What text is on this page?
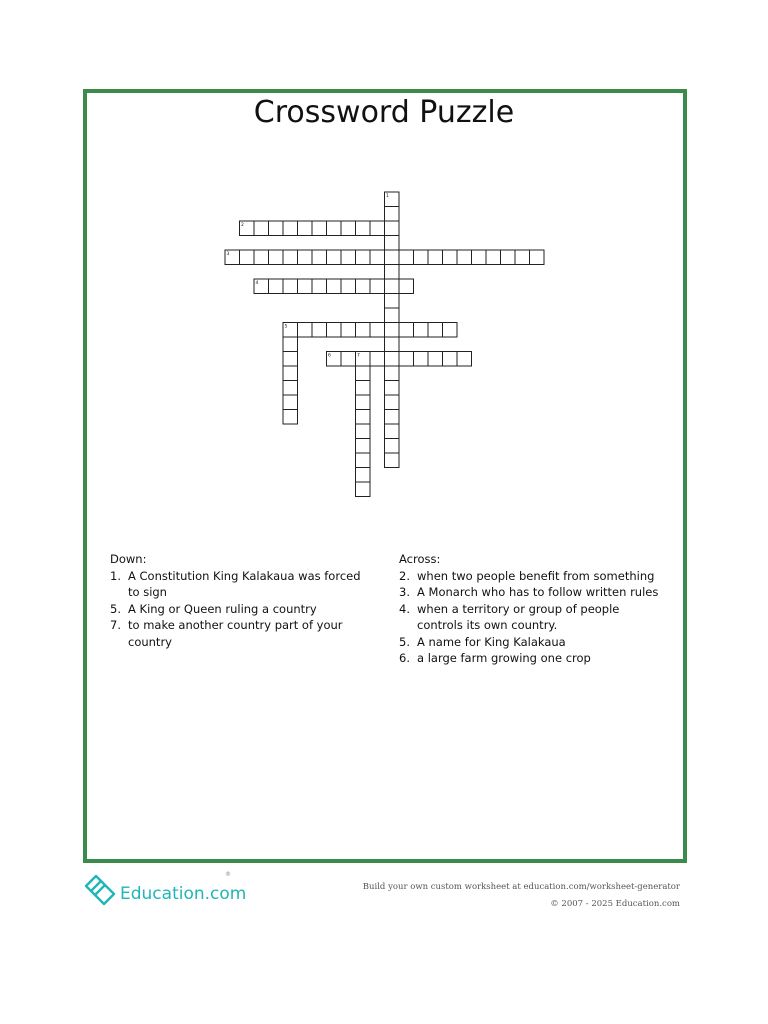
Crossword Puzzle
1
2
3
4
5
6	7
Down:
1. A Constitution King Kalakaua was forced to sign
5. A King or Queen ruling a country
7. to make another country part of your country
Across:
2. when two people benefit from something
3. A Monarch who has to follow written rules
4. when a territory or group of people controls its own country.
5. A name for King Kalakaua
6. a large farm growing one crop
Education.com
®
Build your own custom worksheet at education.com/worksheet-generator
© 2007 - 2025 Education.com
